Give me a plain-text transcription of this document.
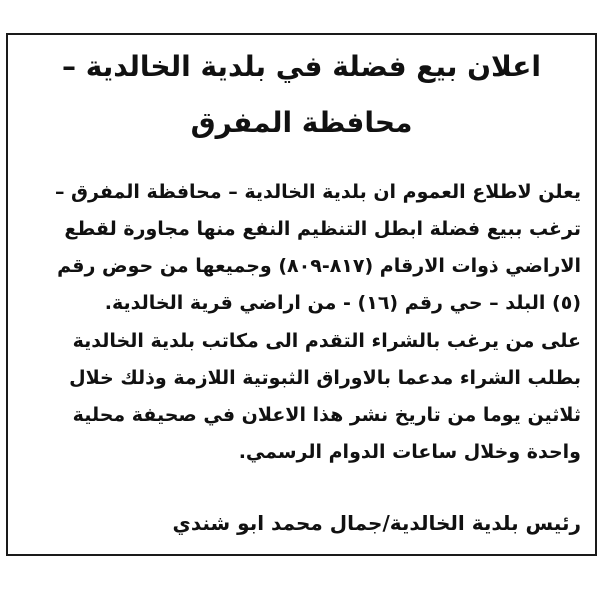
اعلان بيع فضلة في بلدية الخالدية –
محافظة المفرق
يعلن لاطلاع العموم ان بلدية الخالدية – محافظة المفرق –
ترغب ببيع فضلة ابطل التنظيم النفع منها مجاورة لقطع
الاراضي ذوات الارقام (٨١٧-٨٠٩) وجميعها من حوض رقم
(٥) البلد – حي رقم (١٦) - من اراضي قرية الخالدية.
على من يرغب بالشراء التقدم الى مكاتب بلدية الخالدية
بطلب الشراء مدعما بالاوراق الثبوتية اللازمة وذلك خلال
ثلاثين يوما من تاريخ نشر هذا الاعلان في صحيفة محلية
واحدة وخلال ساعات الدوام الرسمي.
رئيس بلدية الخالدية/جمال محمد ابو شندي
